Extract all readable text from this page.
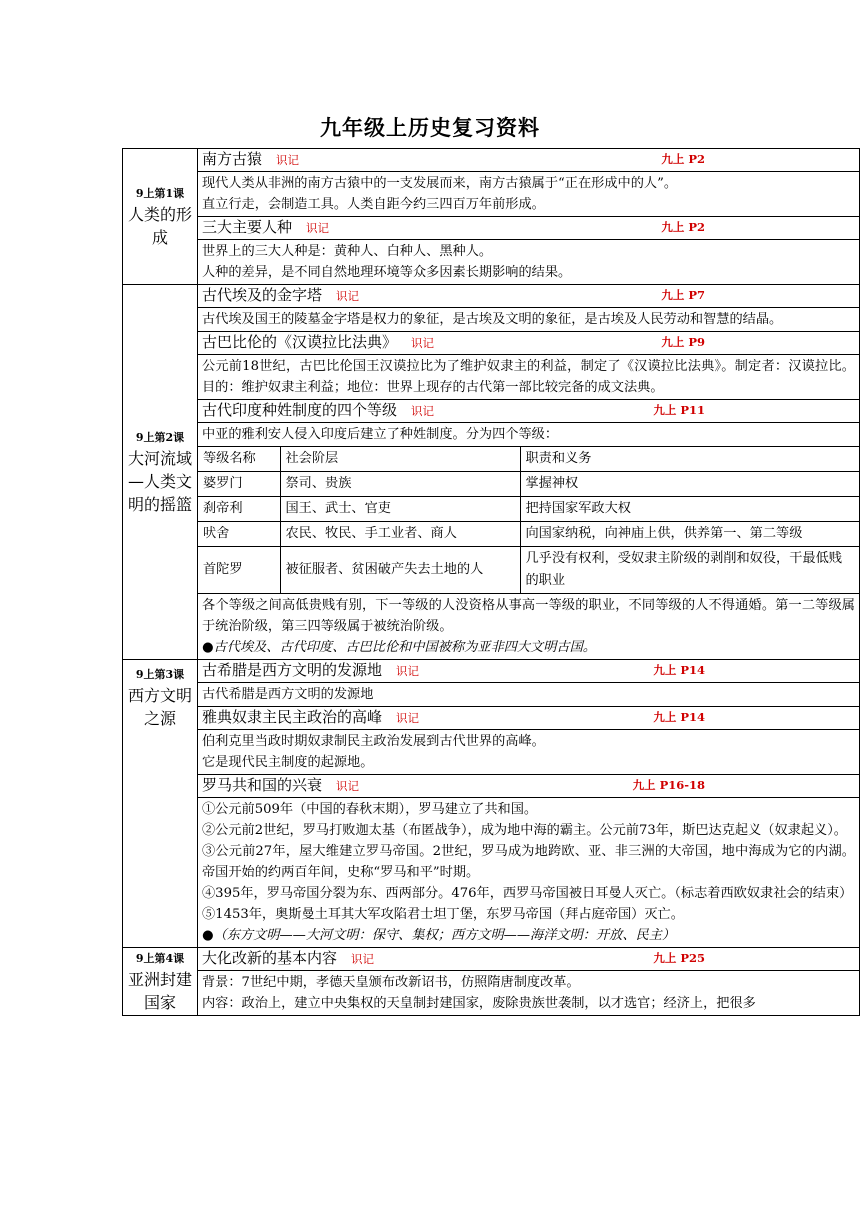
九年级上历史复习资料
9上第1课
人类的形成
	南方古猿 识记	九上 P2

现代人类从非洲的南方古猿中的一支发展而来，南方古猿属于“正在形成中的人”。
直立行走，会制造工具。人类自距今约三四百万年前形成。

三大主要人种 识记	九上 P2

世界上的三大人种是：黄种人、白种人、黑种人。
人种的差异，是不同自然地理环境等众多因素长期影响的结果。

9上第2课
大河流域—人类文明的摇篮
	古代埃及的金字塔 识记	九上 P7

古代埃及国王的陵墓金字塔是权力的象征，是古埃及文明的象征，是古埃及人民劳动和智慧的结晶。

古巴比伦的《汉谟拉比法典》 识记	九上 P9

公元前18世纪，古巴比伦国王汉谟拉比为了维护奴隶主的利益，制定了《汉谟拉比法典》。制定者：汉谟拉比。目的：维护奴隶主利益；地位：世界上现存的古代第一部比较完备的成文法典。

古代印度种姓制度的四个等级 识记	九上 P11

中亚的雅利安人侵入印度后建立了种姓制度。分为四个等级：

等级名称	社会阶层	职责和义务
婆罗门	祭司、贵族	掌握神权
刹帝利	国王、武士、官吏	把持国家军政大权
吠舍	农民、牧民、手工业者、商人	向国家纳税，向神庙上供，供养第一、第二等级
首陀罗	被征服者、贫困破产失去土地的人	几乎没有权利，受奴隶主阶级的剥削和奴役，干最低贱的职业

各个等级之间高低贵贱有别，下一等级的人没资格从事高一等级的职业，不同等级的人不得通婚。第一二等级属于统治阶级，第三四等级属于被统治阶级。
●古代埃及、古代印度、古巴比伦和中国被称为亚非四大文明古国。

9上第3课
西方文明之源
	古希腊是西方文明的发源地 识记	九上 P14

古代希腊是西方文明的发源地

雅典奴隶主民主政治的高峰 识记	九上 P14

伯利克里当政时期奴隶制民主政治发展到古代世界的高峰。
它是现代民主制度的起源地。

罗马共和国的兴衰 识记	九上 P16-18

①公元前509年（中国的春秋末期），罗马建立了共和国。
②公元前2世纪，罗马打败迦太基（布匿战争），成为地中海的霸主。公元前73年，斯巴达克起义（奴隶起义）。
③公元前27年，屋大维建立罗马帝国。2世纪，罗马成为地跨欧、亚、非三洲的大帝国，地中海成为它的内湖。帝国开始的约两百年间，史称“罗马和平”时期。
④395年，罗马帝国分裂为东、西两部分。476年，西罗马帝国被日耳曼人灭亡。（标志着西欧奴隶社会的结束）
⑤1453年，奥斯曼土耳其大军攻陷君士坦丁堡，东罗马帝国（拜占庭帝国）灭亡。
●（东方文明——大河文明：保守、集权；西方文明——海洋文明：开放、民主）

9上第4课
亚洲封建国家
	大化改新的基本内容 识记	九上 P25

背景：7世纪中期，孝德天皇颁布改新诏书，仿照隋唐制度改革。
内容：政治上，建立中央集权的天皇制封建国家，废除贵族世袭制，以才选官；经济上，把很多
